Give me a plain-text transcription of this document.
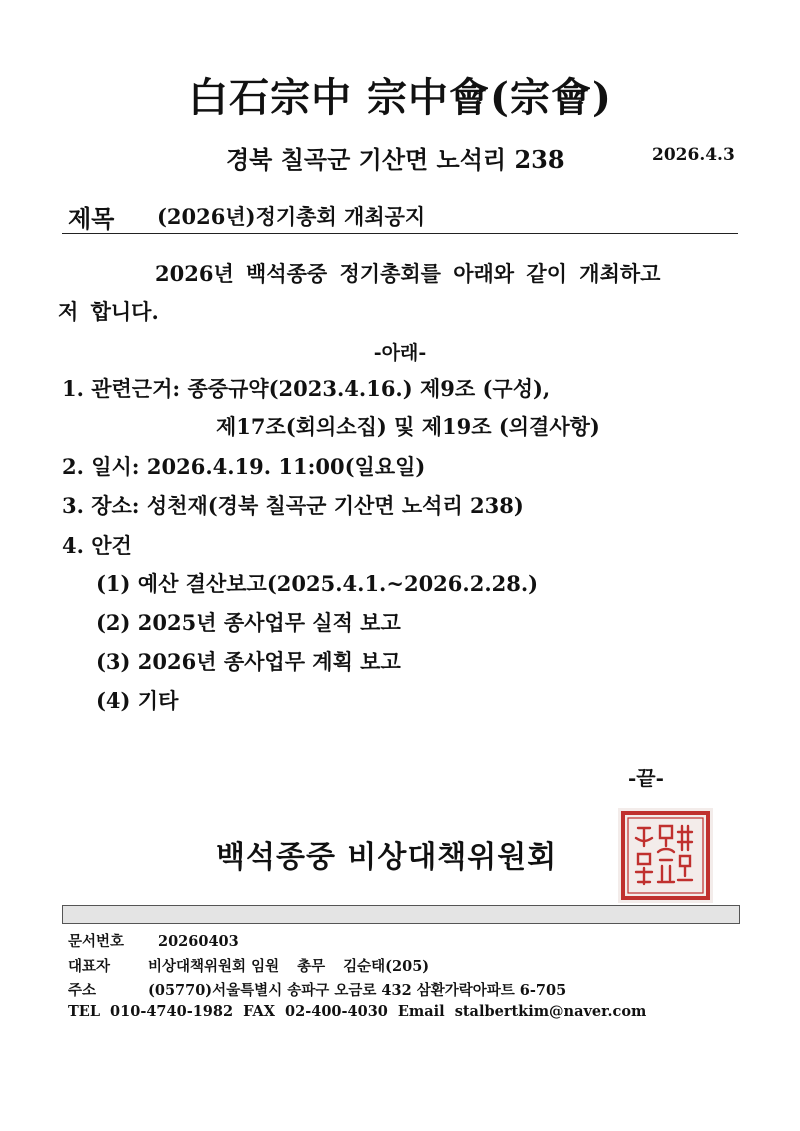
白石宗中 宗中會(宗會)
경북 칠곡군 기산면 노석리 238	2026.4.3
제목 (2026년)정기총회 개최공지
2026년 백석종중 정기총회를 아래와 같이 개최하고
저 합니다.
-아래-
1. 관련근거: 종중규약(2023.4.16.) 제9조 (구성),
제17조(회의소집) 및 제19조 (의결사항)
2. 일시: 2026.4.19. 11:00(일요일)
3. 장소: 성천재(경북 칠곡군 기산면 노석리 238)
4. 안건
(1) 예산 결산보고(2025.4.1.~2026.2.28.)
(2) 2025년 종사업무 실적 보고
(3) 2026년 종사업무 계획 보고
(4) 기타
-끝-
백석종중 비상대책위원회
문서번호 20260403
대표자	비상대책위원회 임원 총무 김순태(205)
주소	(05770)서울특별시 송파구 오금로 432 삼환가락아파트 6-705
TEL 010-4740-1982 FAX 02-400-4030 Email stalbertkim@naver.com
